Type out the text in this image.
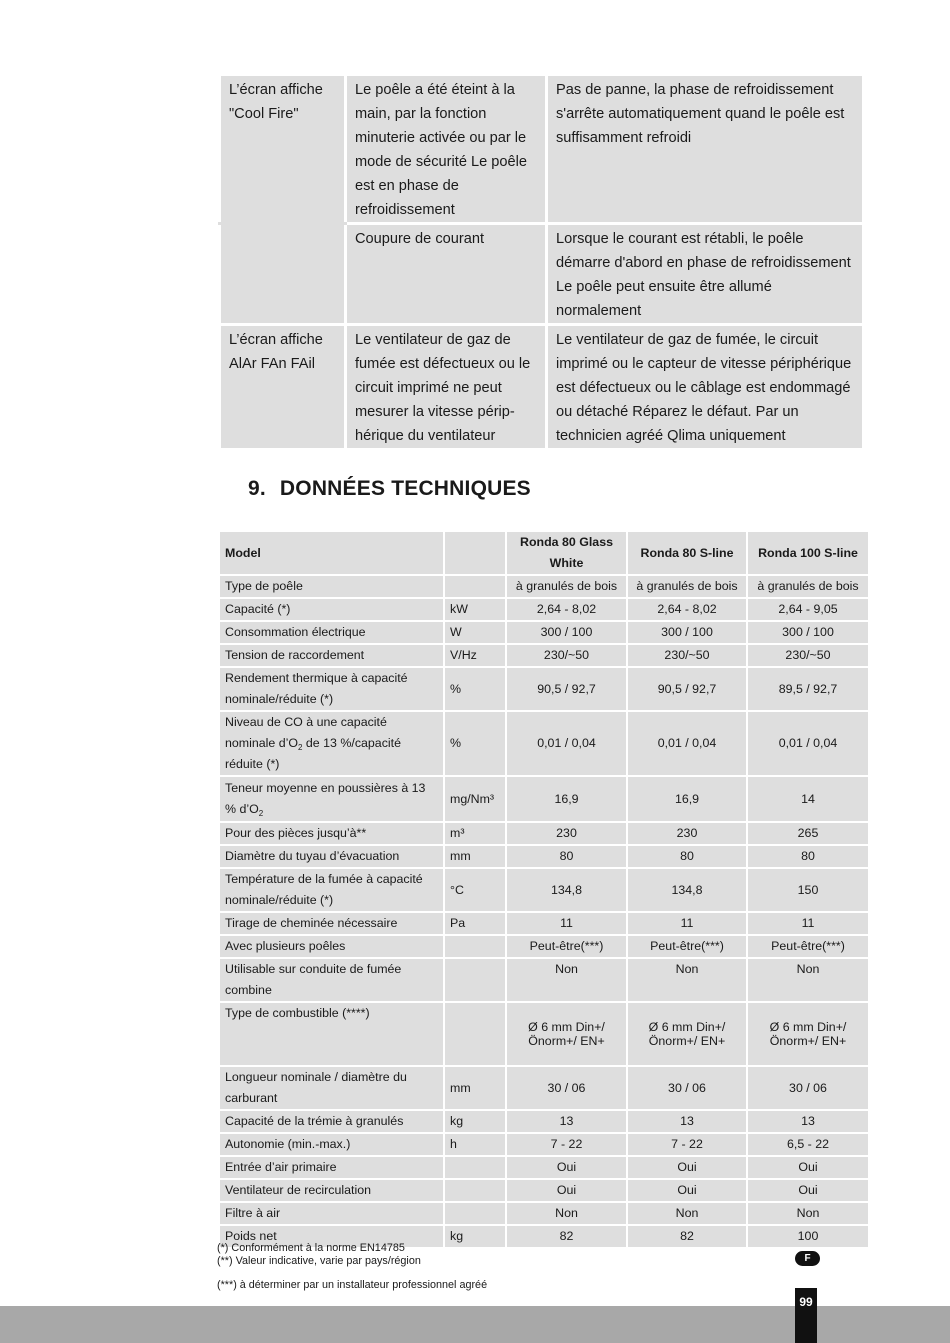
L’écran affiche "Cool Fire"	Le poêle a été éteint à la main, par la fonction minuterie activée ou par le mode de sécurité Le poêle est en phase de refroidissement	Pas de panne, la phase de refroidissement s'arrête automatiquement quand le poêle est suffisamment refroidi
	Coupure de courant	Lorsque le courant est rétabli, le poêle démarre d'abord en phase de refroidissement Le poêle peut ensuite être allumé normalement
L’écran affiche AlAr FAn FAil	Le ventilateur de gaz de fumée est défectueux ou le circuit imprimé ne peut mesurer la vitesse périphérique du ventilateur	Le ventilateur de gaz de fumée, le circuit imprimé ou le capteur de vitesse périphérique est défectueux ou le câblage est endommagé ou détaché Réparez le défaut. Par un technicien agréé Qlima uniquement
9. DONNÉES TECHNIQUES
Model		Ronda 80 Glass White	Ronda 80 S-line	Ronda 100 S-line
Type de poêle		à granulés de bois	à granulés de bois	à granulés de bois
Capacité (*)	kW	2,64 - 8,02	2,64 - 8,02	2,64 - 9,05
Consommation électrique	W	300 / 100	300 / 100	300 / 100
Tension de raccordement	V/Hz	230/~50	230/~50	230/~50
Rendement thermique à capacité nominale/réduite (*)	%	90,5 / 92,7	90,5 / 92,7	89,5 / 92,7
Niveau de CO à une capacité nominale $d’O_2$ de 13 %/capacité réduite (*)	%	0,01 / 0,04	0,01 / 0,04	0,01 / 0,04
Teneur moyenne en poussières à 13 % $d’O_2$	mg/Nm³	16,9	16,9	14
Pour des pièces jusqu’à**	m³	230	230	265
Diamètre du tuyau d’évacuation	mm	80	80	80
Température de la fumée à capacité nominale/réduite (*)	°C	134,8	134,8	150
Tirage de cheminée nécessaire	Pa	11	11	11
Avec plusieurs poêles		Peut-être(***)	Peut-être(***)	Peut-être(***)
Utilisable sur conduite de fumée combine		Non	Non	Non
Type de combustible (****)		Ø 6 mm Din+/Önorm+/ EN+	Ø 6 mm Din+/Önorm+/ EN+	Ø 6 mm Din+/Önorm+/ EN+
Longueur nominale / diamètre du carburant	mm	30 / 06	30 / 06	30 / 06
Capacité de la trémie à granulés	kg	13	13	13
Autonomie (min.-max.)	h	7 - 22	7 - 22	6,5 - 22
Entrée d’air primaire		Oui	Oui	Oui
Ventilateur de recirculation		Oui	Oui	Oui
Filtre à air		Non	Non	Non
Poids net	kg	82	82	100
(*) Conformément à la norme EN14785
(**) Valeur indicative, varie par pays/région
(***) à déterminer par un installateur professionnel agréé
F
99
